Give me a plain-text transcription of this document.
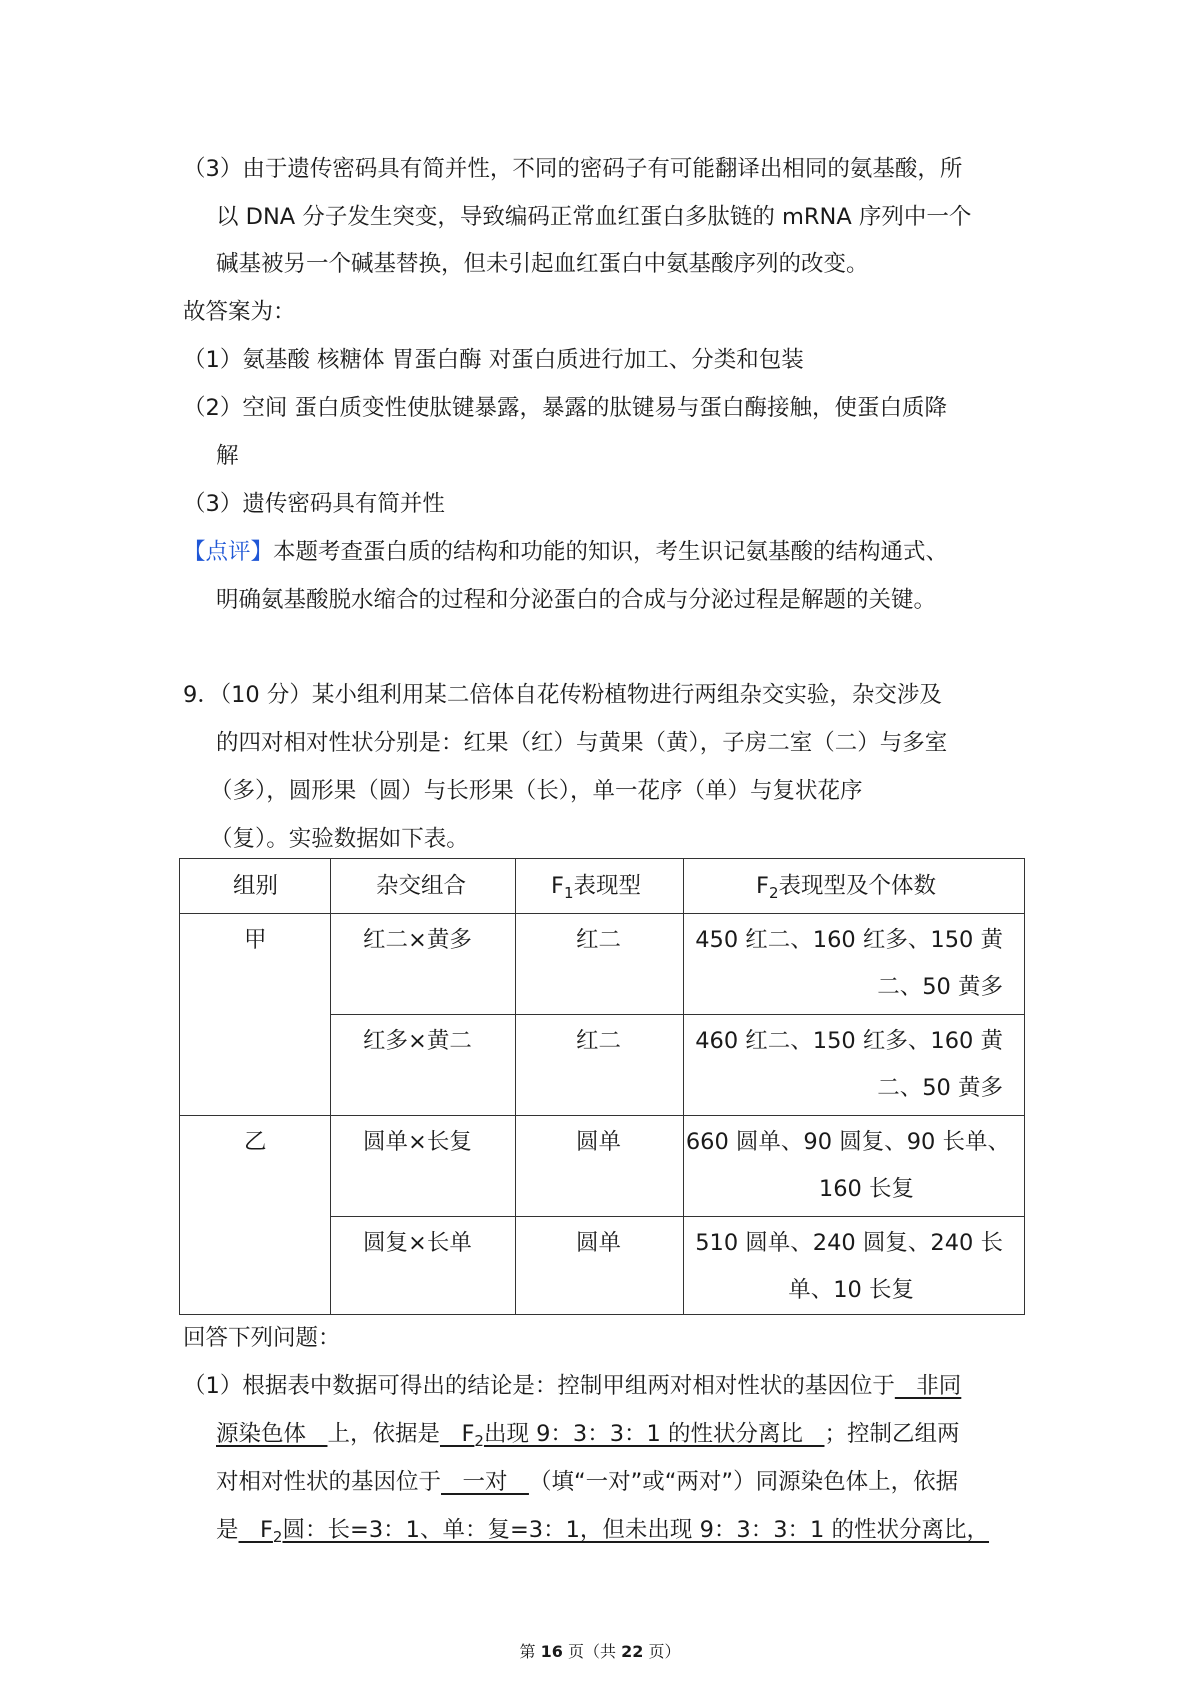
（3）由于遗传密码具有简并性，不同的密码子有可能翻译出相同的氨基酸，所
以 DNA 分子发生突变，导致编码正常血红蛋白多肽链的 mRNA 序列中一个
碱基被另一个碱基替换，但未引起血红蛋白中氨基酸序列的改变。
故答案为：
（1）氨基酸 核糖体 胃蛋白酶 对蛋白质进行加工、分类和包装
（2）空间 蛋白质变性使肽键暴露，暴露的肽键易与蛋白酶接触，使蛋白质降
解
（3）遗传密码具有简并性
【点评】本题考查蛋白质的结构和功能的知识，考生识记氨基酸的结构通式、
明确氨基酸脱水缩合的过程和分泌蛋白的合成与分泌过程是解题的关键。
9．（10 分）某小组利用某二倍体自花传粉植物进行两组杂交实验，杂交涉及
的四对相对性状分别是：红果（红）与黄果（黄），子房二室（二）与多室
（多），圆形果（圆）与长形果（长），单一花序（单）与复状花序
（复）。实验数据如下表。
组别	杂交组合	$F_1$表现型	$F_2$表现型及个体数
甲	红二×黄多	红二	450 红二、160 红多、150 黄
二、50 黄多
红多×黄二	红二	460 红二、150 红多、160 黄
二、50 黄多
乙	圆单×长复	圆单	660 圆单、90 圆复、90 长单、
160 长复
圆复×长单	圆单	510 圆单、240 圆复、240 长
单、10 长复
回答下列问题：
（1）根据表中数据可得出的结论是：控制甲组两对相对性状的基因位于   非同
源染色体   上，依据是   $F_2$出现 9：3：3：1 的性状分离比   ；控制乙组两
对相对性状的基因位于   一对   （填“一对”或“两对”）同源染色体上，依据
是   $F_2$圆：长=3：1、单：复=3：1，但未出现 9：3：3：1 的性状分离比，
第 16 页（共 22 页）
